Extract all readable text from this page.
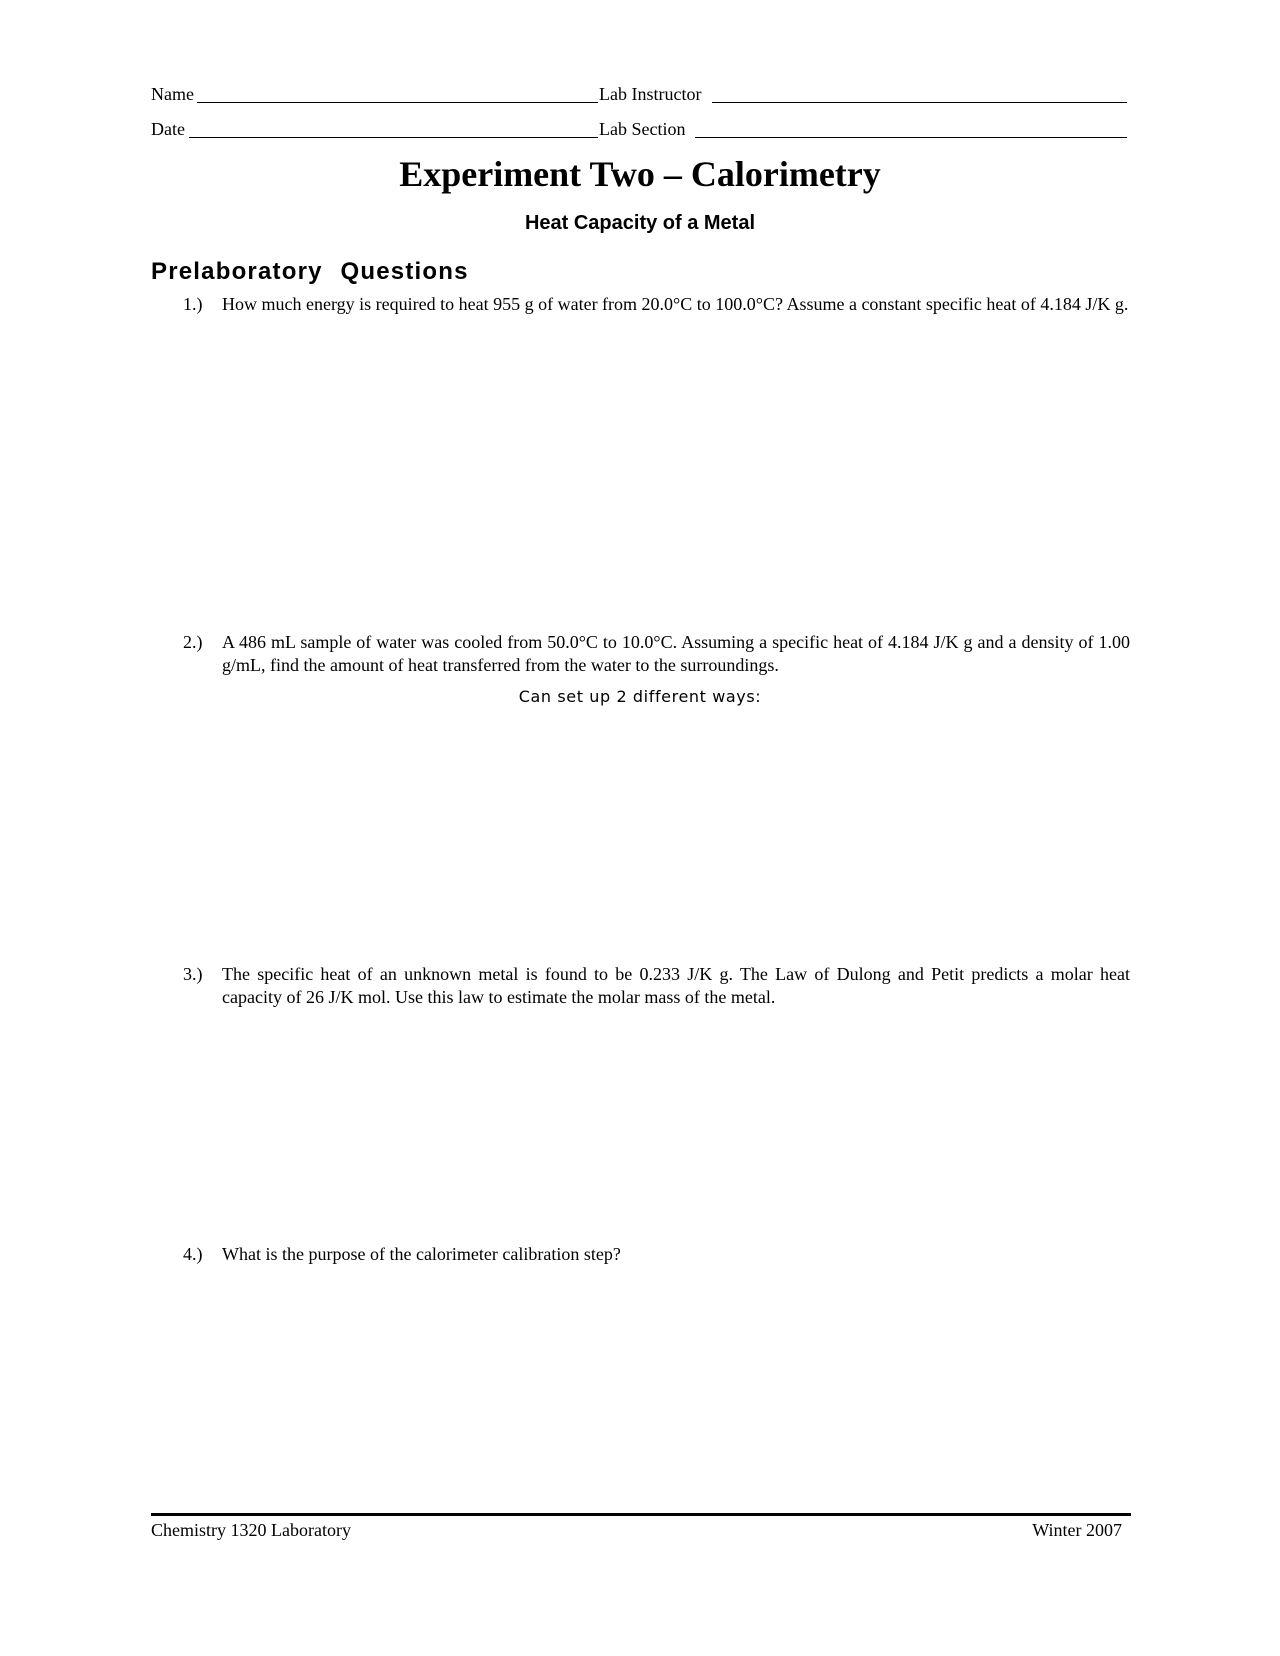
Name	Lab Instructor
Date	Lab Section
Experiment Two – Calorimetry
Heat Capacity of a Metal
Prelaboratory Questions
1.) How much energy is required to heat 955 g of water from 20.0°C to 100.0°C? Assume a constant specific heat of 4.184 J/K g.
2.) A 486 mL sample of water was cooled from 50.0°C to 10.0°C. Assuming a specific heat of 4.184 J/K g and a density of 1.00 g/mL, find the amount of heat transferred from the water to the surroundings.
Can set up 2 different ways:
3.) The specific heat of an unknown metal is found to be 0.233 J/K g. The Law of Dulong and Petit predicts a molar heat capacity of 26 J/K mol. Use this law to estimate the molar mass of the metal.
4.) What is the purpose of the calorimeter calibration step?
Chemistry 1320 Laboratory	Winter 2007
